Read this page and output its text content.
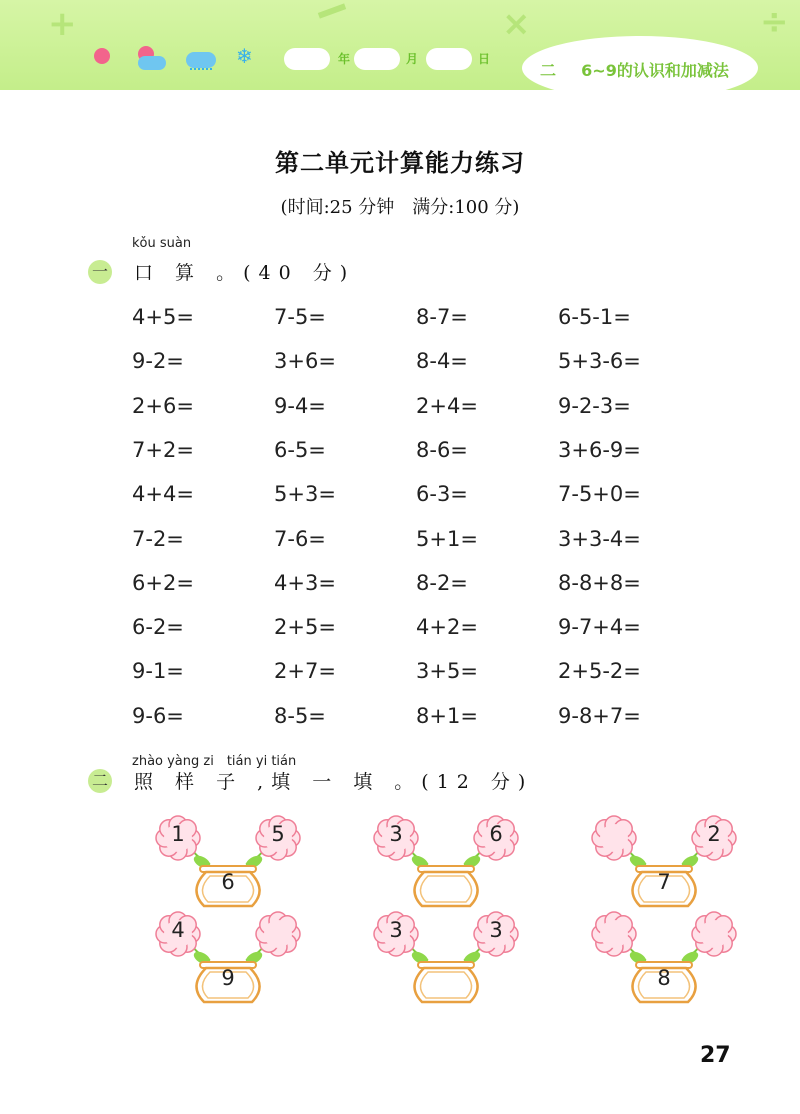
+	×	÷
❄	年	月	日
二 6~9的认识和加减法
第二单元计算能力练习
(时间:25 分钟　满分:100 分)
kǒu suàn
一	口 算 。(40 分)
4+5=	7-5=	8-7=	6-5-1=
9-2=	3+6=	8-4=	5+3-6=
2+6=	9-4=	2+4=	9-2-3=
7+2=	6-5=	8-6=	3+6-9=
4+4=	5+3=	6-3=	7-5+0=
7-2=	7-6=	5+1=	3+3-4=
6+2=	4+3=	8-2=	8-8+8=
6-2=	2+5=	4+2=	9-7+4=
9-1=	2+7=	3+5=	2+5-2=
9-6=	8-5=	8+1=	9-8+7=
zhào yàng zi　tián yi tián
二	照 样 子 ,填 一 填 。(12 分)
1	5
6
3	6	2
7
4
9
3	3
8
27
